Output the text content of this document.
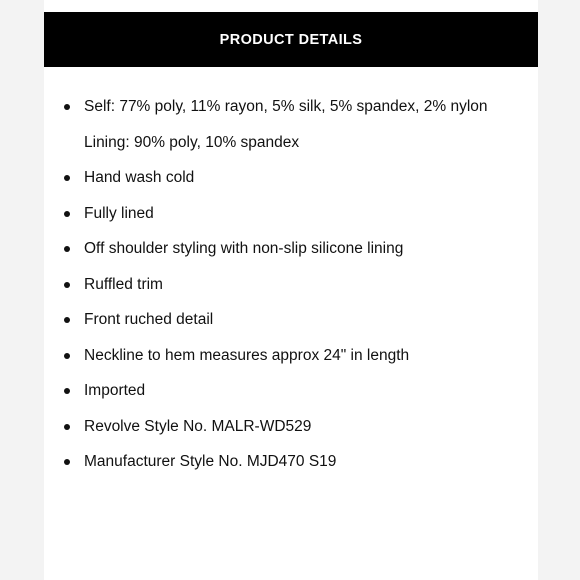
PRODUCT DETAILS
Self: 77% poly, 11% rayon, 5% silk, 5% spandex, 2% nylon
Lining: 90% poly, 10% spandex
Hand wash cold
Fully lined
Off shoulder styling with non-slip silicone lining
Ruffled trim
Front ruched detail
Neckline to hem measures approx 24" in length
Imported
Revolve Style No. MALR-WD529
Manufacturer Style No. MJD470 S19
